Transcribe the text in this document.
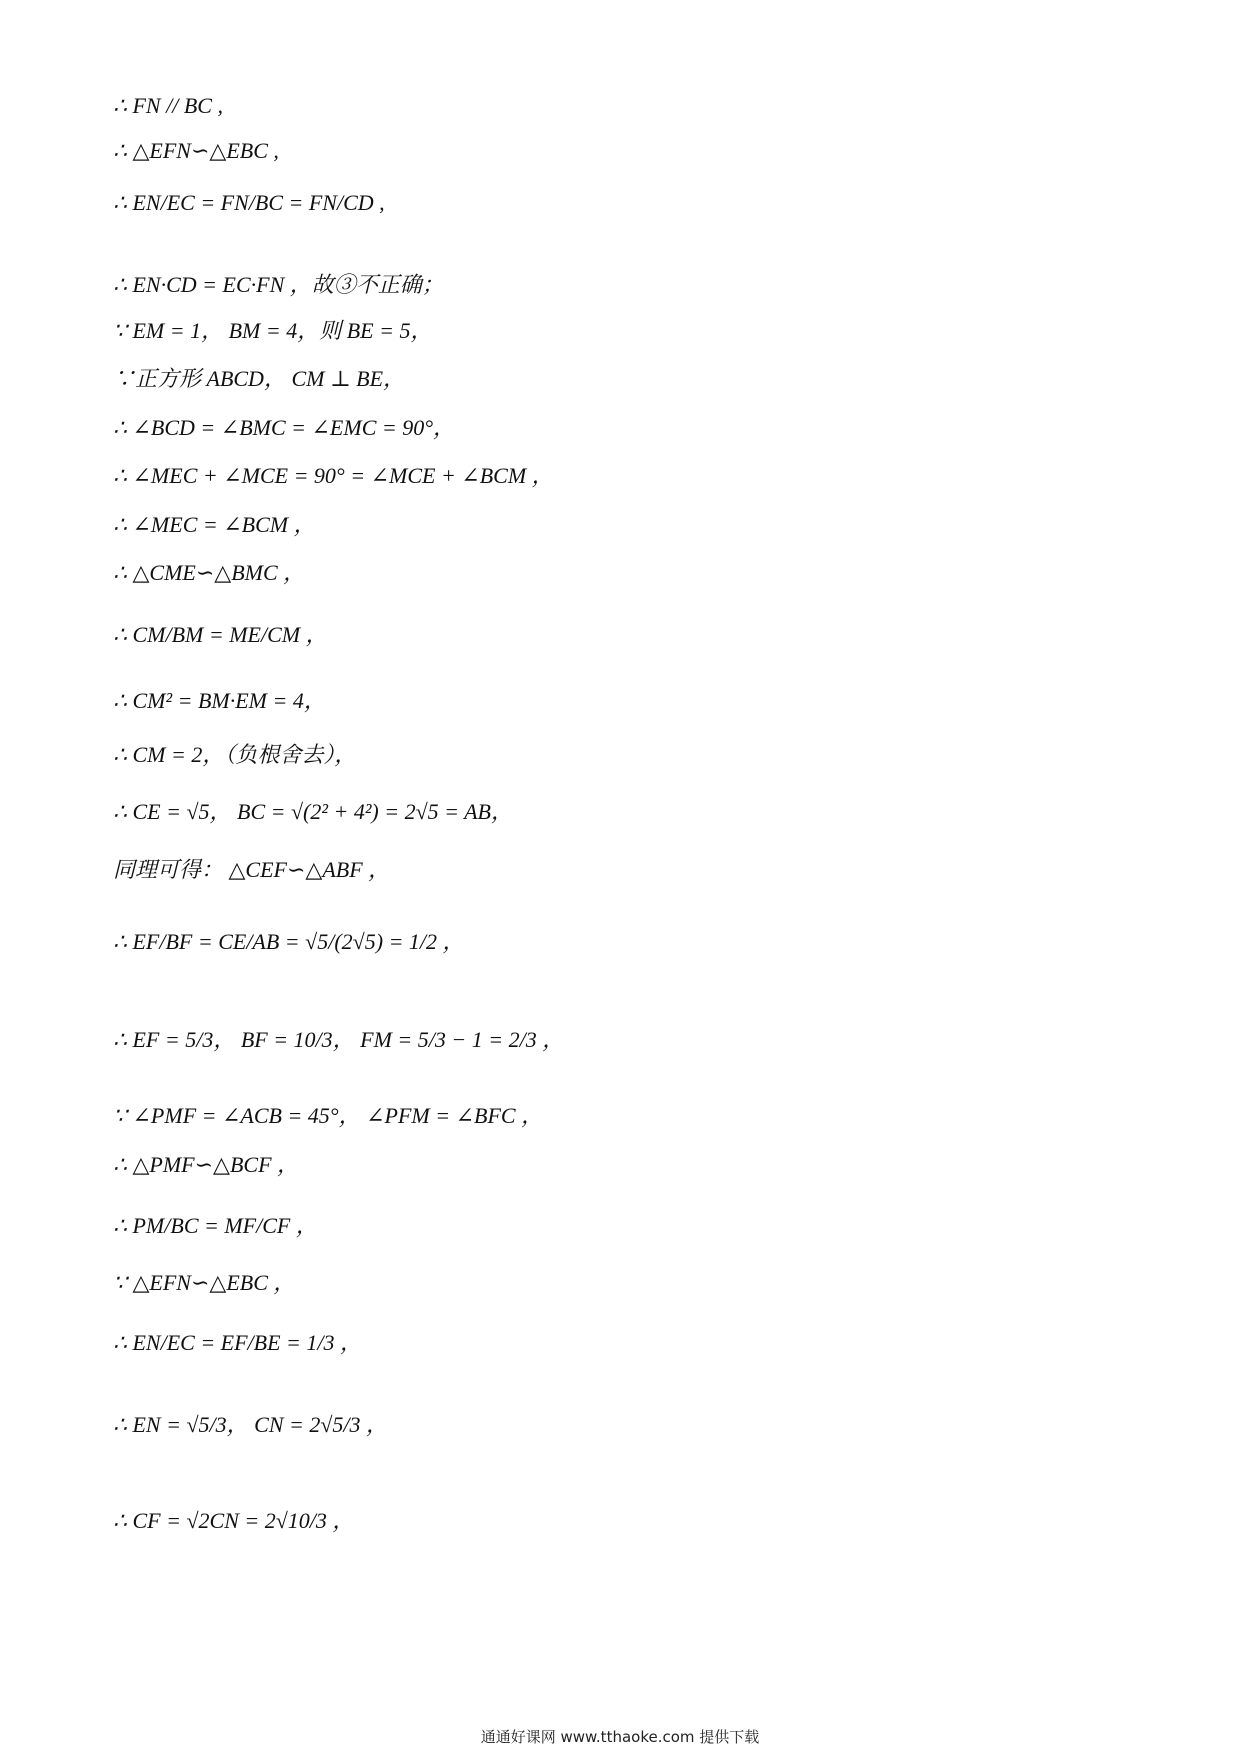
∴ FN // BC ,
∴ △EFN∽△EBC ,
∴ EN/EC = FN/BC = FN/CD ,
∴ EN·CD = EC·FN ，故③不正确；
∵ EM = 1， BM = 4，则 BE = 5，
∵正方形 ABCD， CM ⊥ BE，
∴ ∠BCD = ∠BMC = ∠EMC = 90°，
∴ ∠MEC + ∠MCE = 90° = ∠MCE + ∠BCM ，
∴ ∠MEC = ∠BCM ，
∴ △CME∽△BMC ，
∴ CM/BM = ME/CM ，
∴ CM² = BM·EM = 4，
∴ CM = 2，（负根舍去），
∴ CE = √5， BC = √(2² + 4²) = 2√5 = AB，
同理可得： △CEF∽△ABF ，
∴ EF/BF = CE/AB = √5/(2√5) = 1/2 ，
∴ EF = 5/3， BF = 10/3， FM = 5/3 − 1 = 2/3 ，
∵ ∠PMF = ∠ACB = 45°， ∠PFM = ∠BFC ，
∴ △PMF∽△BCF ，
∴ PM/BC = MF/CF ，
∵ △EFN∽△EBC ，
∴ EN/EC = EF/BE = 1/3 ，
∴ EN = √5/3， CN = 2√5/3 ，
∴ CF = √2CN = 2√10/3 ，
通通好课网 www.tthaoke.com 提供下载
